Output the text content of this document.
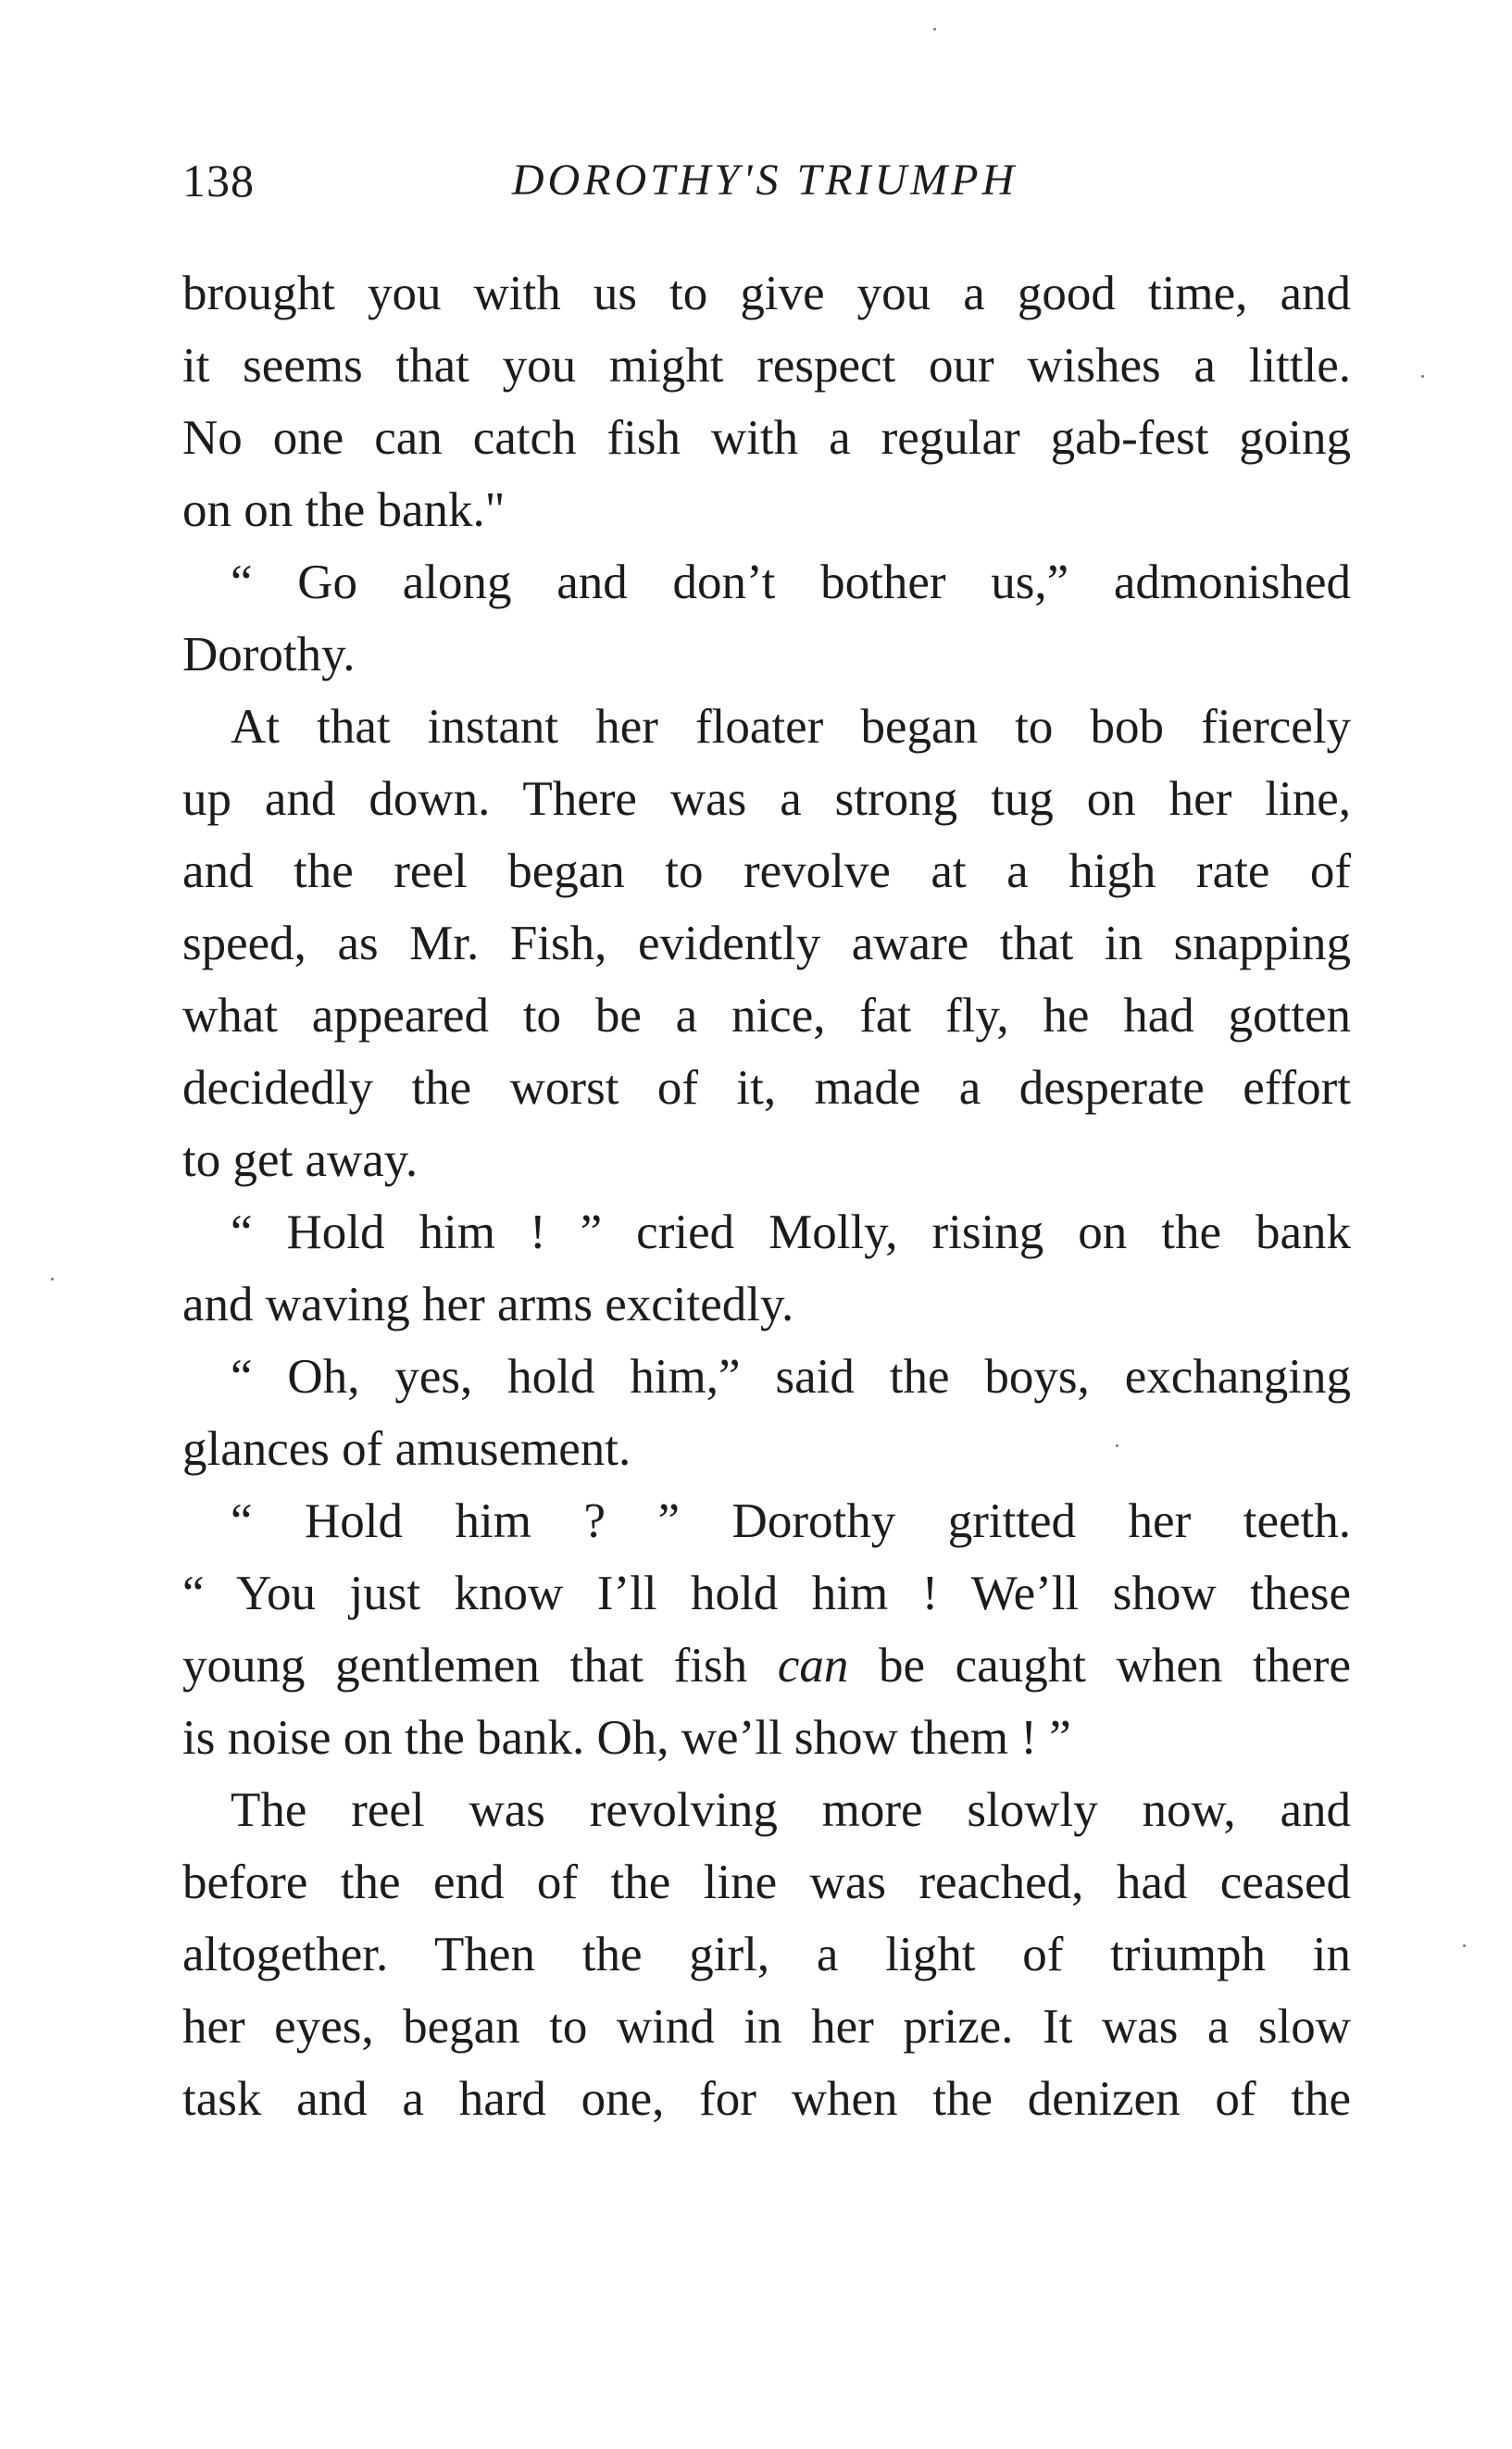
138	DOROTHY'S TRIUMPH
brought you with us to give you a good time, and
it seems that you might respect our wishes a little.
No one can catch fish with a regular gab-fest going
on on the bank."
“ Go along and don’t bother us,” admonished
Dorothy.
At that instant her floater began to bob fiercely
up and down. There was a strong tug on her line,
and the reel began to revolve at a high rate of
speed, as Mr. Fish, evidently aware that in snapping
what appeared to be a nice, fat fly, he had gotten
decidedly the worst of it, made a desperate effort
to get away.
“ Hold him ! ” cried Molly, rising on the bank
and waving her arms excitedly.
“ Oh, yes, hold him,” said the boys, exchanging
glances of amusement.
“ Hold him ? ” Dorothy gritted her teeth.
“ You just know I’ll hold him ! We’ll show these
young gentlemen that fish can be caught when there
is noise on the bank. Oh, we’ll show them ! ”
The reel was revolving more slowly now, and
before the end of the line was reached, had ceased
altogether. Then the girl, a light of triumph in
her eyes, began to wind in her prize. It was a slow
task and a hard one, for when the denizen of the
